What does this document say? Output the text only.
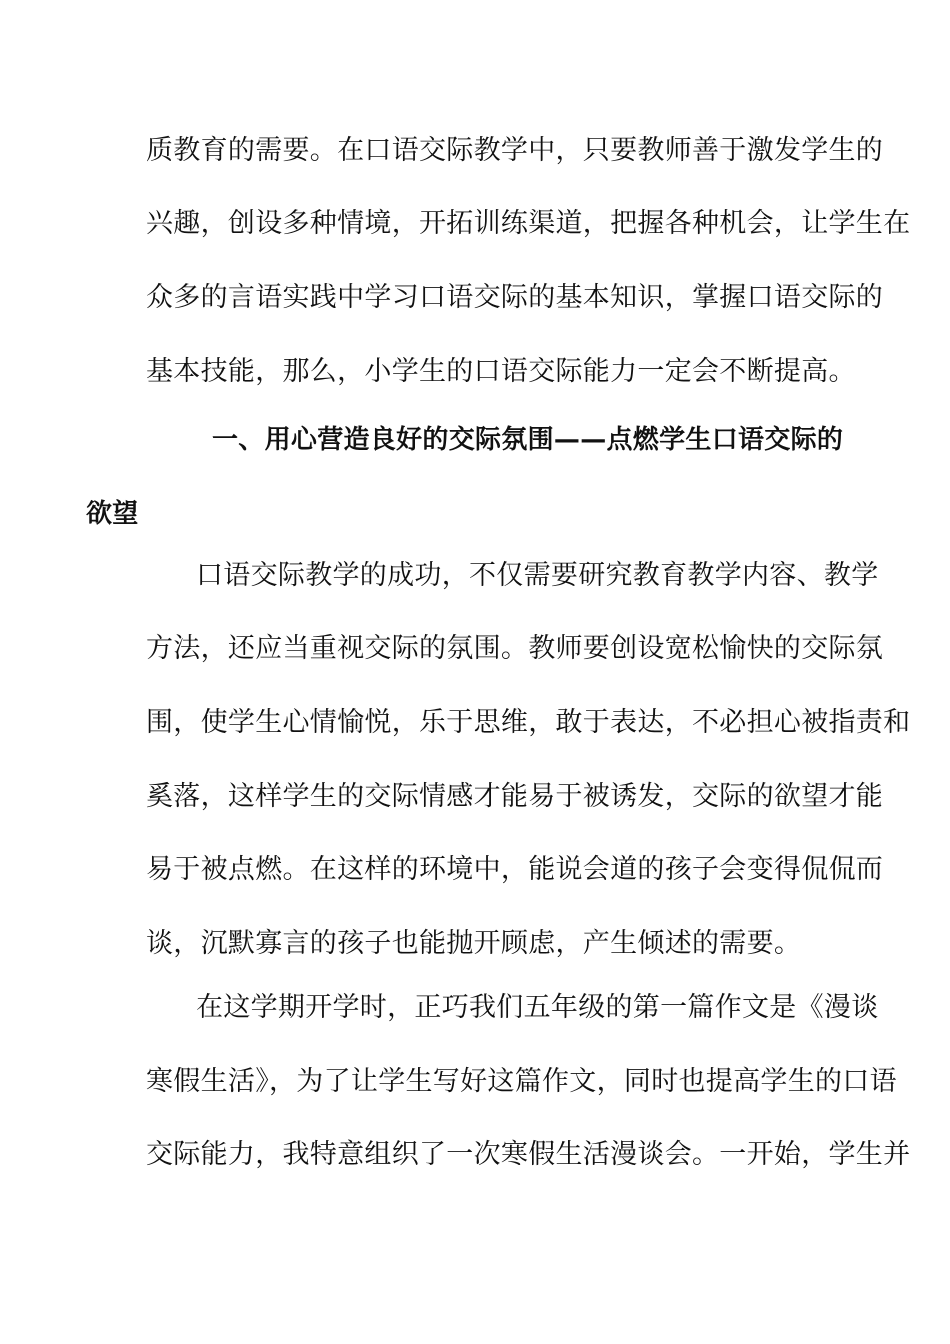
质教育的需要。在口语交际教学中，只要教师善于激发学生的
兴趣，创设多种情境，开拓训练渠道，把握各种机会，让学生在
众多的言语实践中学习口语交际的基本知识，掌握口语交际的
基本技能，那么，小学生的口语交际能力一定会不断提高。
一、用心营造良好的交际氛围——点燃学生口语交际的
欲望
口语交际教学的成功，不仅需要研究教育教学内容、教学
方法，还应当重视交际的氛围。教师要创设宽松愉快的交际氛
围，使学生心情愉悦，乐于思维，敢于表达，不必担心被指责和
奚落，这样学生的交际情感才能易于被诱发，交际的欲望才能
易于被点燃。在这样的环境中，能说会道的孩子会变得侃侃而
谈，沉默寡言的孩子也能抛开顾虑，产生倾述的需要。
在这学期开学时，正巧我们五年级的第一篇作文是《漫谈
寒假生活》，为了让学生写好这篇作文，同时也提高学生的口语
交际能力，我特意组织了一次寒假生活漫谈会。一开始，学生并
